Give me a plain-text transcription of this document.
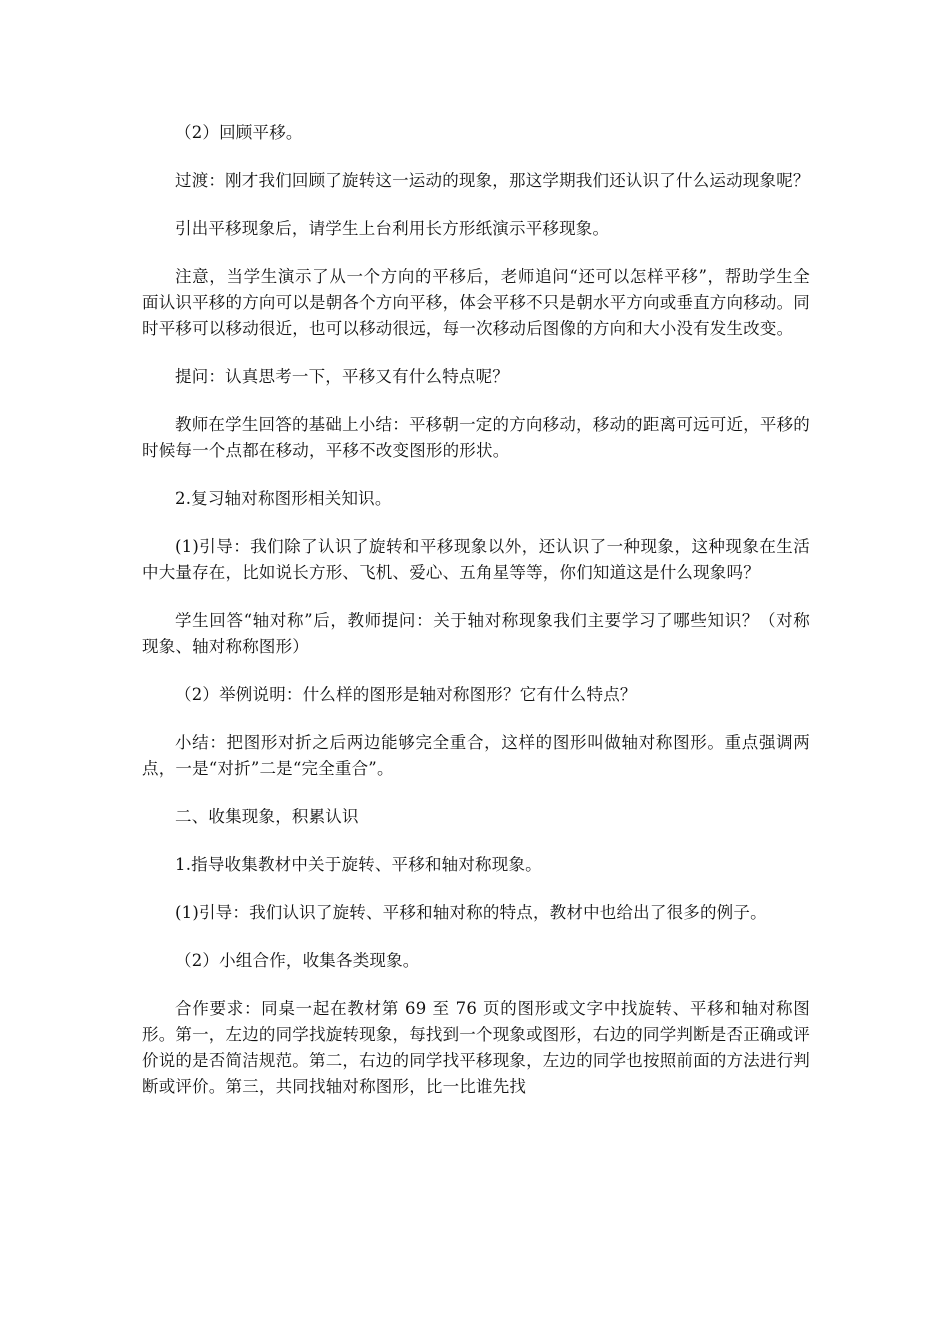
（2）回顾平移。

过渡：刚才我们回顾了旋转这一运动的现象，那这学期我们还认识了什么运动现象呢？

引出平移现象后，请学生上台利用长方形纸演示平移现象。

注意，当学生演示了从一个方向的平移后，老师追问“还可以怎样平移”，帮助学生全面认识平移的方向可以是朝各个方向平移，体会平移不只是朝水平方向或垂直方向移动。同时平移可以移动很近，也可以移动很远，每一次移动后图像的方向和大小没有发生改变。

提问：认真思考一下，平移又有什么特点呢？

教师在学生回答的基础上小结：平移朝一定的方向移动，移动的距离可远可近，平移的时候每一个点都在移动，平移不改变图形的形状。

2.复习轴对称图形相关知识。

(1)引导：我们除了认识了旋转和平移现象以外，还认识了一种现象，这种现象在生活中大量存在，比如说长方形、飞机、爱心、五角星等等，你们知道这是什么现象吗？

学生回答“轴对称”后，教师提问：关于轴对称现象我们主要学习了哪些知识？（对称现象、轴对称称图形）

（2）举例说明：什么样的图形是轴对称图形？它有什么特点？

小结：把图形对折之后两边能够完全重合，这样的图形叫做轴对称图形。重点强调两点，一是“对折”二是“完全重合”。

二、收集现象，积累认识

1.指导收集教材中关于旋转、平移和轴对称现象。

(1)引导：我们认识了旋转、平移和轴对称的特点，教材中也给出了很多的例子。

（2）小组合作，收集各类现象。

合作要求：同桌一起在教材第 69 至 76 页的图形或文字中找旋转、平移和轴对称图形。第一，左边的同学找旋转现象，每找到一个现象或图形，右边的同学判断是否正确或评价说的是否简洁规范。第二，右边的同学找平移现象，左边的同学也按照前面的方法进行判断或评价。第三，共同找轴对称图形，比一比谁先找
